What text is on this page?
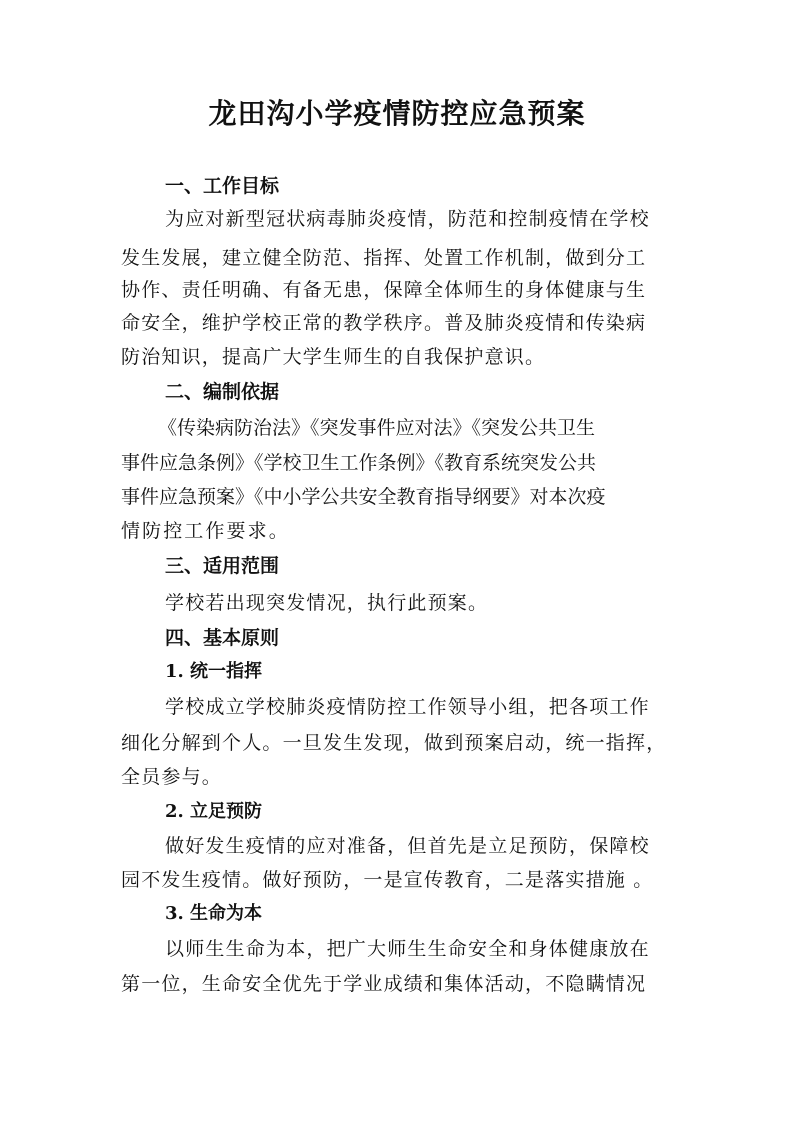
龙田沟小学疫情防控应急预案
一、工作目标
为应对新型冠状病毒肺炎疫情，防范和控制疫情在学校
发生发展，建立健全防范、指挥、处置工作机制，做到分工
协作、责任明确、有备无患，保障全体师生的身体健康与生
命安全，维护学校正常的教学秩序。普及肺炎疫情和传染病
防治知识，提高广大学生师生的自我保护意识。
二、编制依据
《传染病防治法》《突发事件应对法》《突发公共卫生
事件应急条例》《学校卫生工作条例》《教育系统突发公共
事件应急预案》《中小学公共安全教育指导纲要》对本次疫
情防控工作要求。
三、适用范围
学校若出现突发情况，执行此预案。
四、基本原则
1. 统一指挥
学校成立学校肺炎疫情防控工作领导小组，把各项工作
细化分解到个人。一旦发生发现，做到预案启动，统一指挥，
全员参与。
2. 立足预防
做好发生疫情的应对准备，但首先是立足预防，保障校
园不发生疫情。做好预防，一是宣传教育，二是落实措施 。
3. 生命为本
以师生生命为本，把广大师生生命安全和身体健康放在
第一位，生命安全优先于学业成绩和集体活动，不隐瞒情况
